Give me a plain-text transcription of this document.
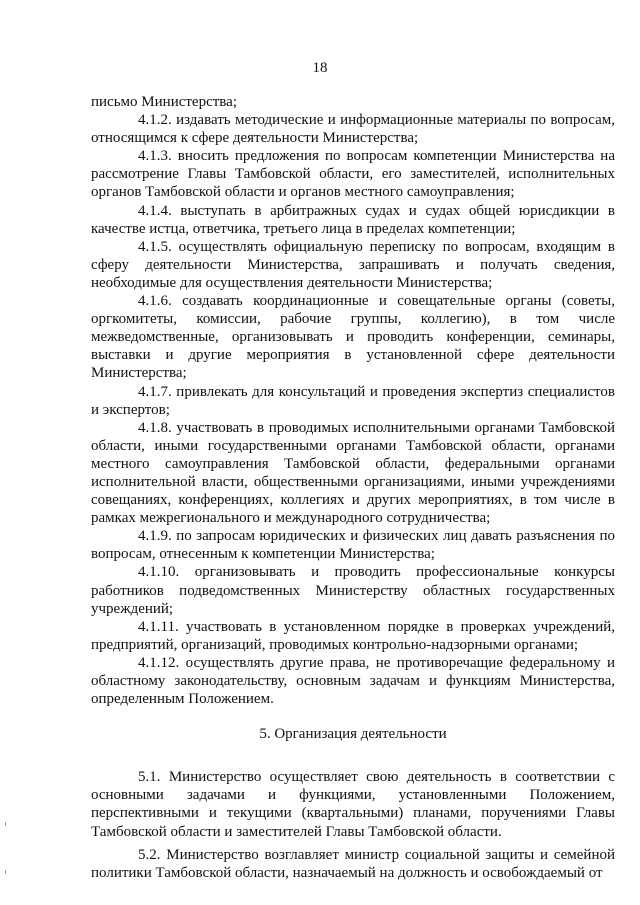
18

письмо Министерства;

4.1.2. издавать методические и информационные материалы по вопросам, относящимся к сфере деятельности Министерства;

4.1.3. вносить предложения по вопросам компетенции Министерства на рассмотрение Главы Тамбовской области, его заместителей, исполнительных органов Тамбовской области и органов местного самоуправления;

4.1.4. выступать в арбитражных судах и судах общей юрисдикции в качестве истца, ответчика, третьего лица в пределах компетенции;

4.1.5. осуществлять официальную переписку по вопросам, входящим в сферу деятельности Министерства, запрашивать и получать сведения, необходимые для осуществления деятельности Министерства;

4.1.6. создавать координационные и совещательные органы (советы, оргкомитеты, комиссии, рабочие группы, коллегию), в том числе межведомственные, организовывать и проводить конференции, семинары, выставки и другие мероприятия в установленной сфере деятельности Министерства;

4.1.7. привлекать для консультаций и проведения экспертиз специалистов и экспертов;

4.1.8. участвовать в проводимых исполнительными органами Тамбовской области, иными государственными органами Тамбовской области, органами местного самоуправления Тамбовской области, федеральными органами исполнительной власти, общественными организациями, иными учреждениями совещаниях, конференциях, коллегиях и других мероприятиях, в том числе в рамках межрегионального и международного сотрудничества;

4.1.9. по запросам юридических и физических лиц давать разъяснения по вопросам, отнесенным к компетенции Министерства;

4.1.10. организовывать и проводить профессиональные конкурсы работников подведомственных Министерству областных государственных учреждений;

4.1.11. участвовать в установленном порядке в проверках учреждений, предприятий, организаций, проводимых контрольно-надзорными органами;

4.1.12. осуществлять другие права, не противоречащие федеральному и областному законодательству, основным задачам и функциям Министерства, определенным Положением.

5. Организация деятельности

5.1. Министерство осуществляет свою деятельность в соответствии с основными задачами и функциями, установленными Положением, перспективными и текущими (квартальными) планами, поручениями Главы Тамбовской области и заместителей Главы Тамбовской области.

5.2. Министерство возглавляет министр социальной защиты и семейной политики Тамбовской области, назначаемый на должность и освобождаемый от
